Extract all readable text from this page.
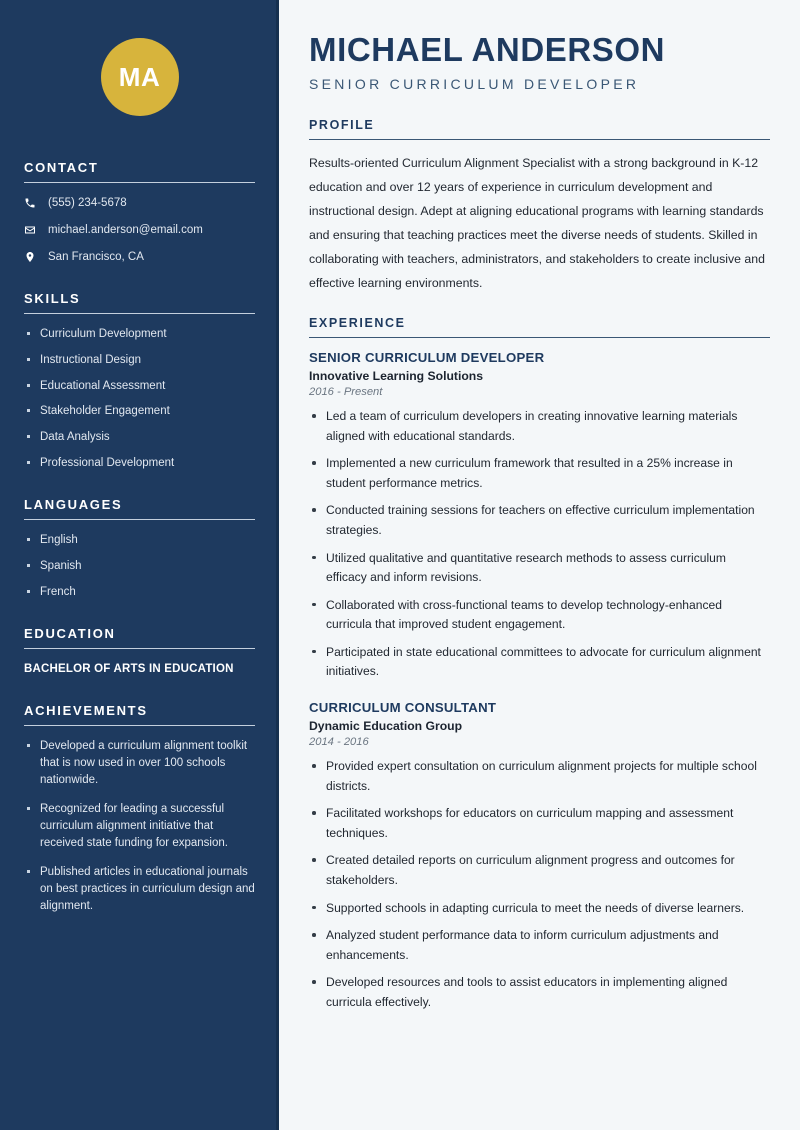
MA
CONTACT
(555) 234-5678
michael.anderson@email.com
San Francisco, CA
SKILLS
Curriculum Development
Instructional Design
Educational Assessment
Stakeholder Engagement
Data Analysis
Professional Development
LANGUAGES
English
Spanish
French
EDUCATION
BACHELOR OF ARTS IN EDUCATION
ACHIEVEMENTS
Developed a curriculum alignment toolkit that is now used in over 100 schools nationwide.
Recognized for leading a successful curriculum alignment initiative that received state funding for expansion.
Published articles in educational journals on best practices in curriculum design and alignment.
MICHAEL ANDERSON
SENIOR CURRICULUM DEVELOPER
PROFILE

Results-oriented Curriculum Alignment Specialist with a strong background in K-12 education and over 12 years of experience in curriculum development and instructional design. Adept at aligning educational programs with learning standards and ensuring that teaching practices meet the diverse needs of students. Skilled in collaborating with teachers, administrators, and stakeholders to create inclusive and effective learning environments.

EXPERIENCE
SENIOR CURRICULUM DEVELOPER
Innovative Learning Solutions
2016 - Present
Led a team of curriculum developers in creating innovative learning materials aligned with educational standards.
Implemented a new curriculum framework that resulted in a 25% increase in student performance metrics.
Conducted training sessions for teachers on effective curriculum implementation strategies.
Utilized qualitative and quantitative research methods to assess curriculum efficacy and inform revisions.
Collaborated with cross-functional teams to develop technology-enhanced curricula that improved student engagement.
Participated in state educational committees to advocate for curriculum alignment initiatives.
CURRICULUM CONSULTANT
Dynamic Education Group
2014 - 2016
Provided expert consultation on curriculum alignment projects for multiple school districts.
Facilitated workshops for educators on curriculum mapping and assessment techniques.
Created detailed reports on curriculum alignment progress and outcomes for stakeholders.
Supported schools in adapting curricula to meet the needs of diverse learners.
Analyzed student performance data to inform curriculum adjustments and enhancements.
Developed resources and tools to assist educators in implementing aligned curricula effectively.
